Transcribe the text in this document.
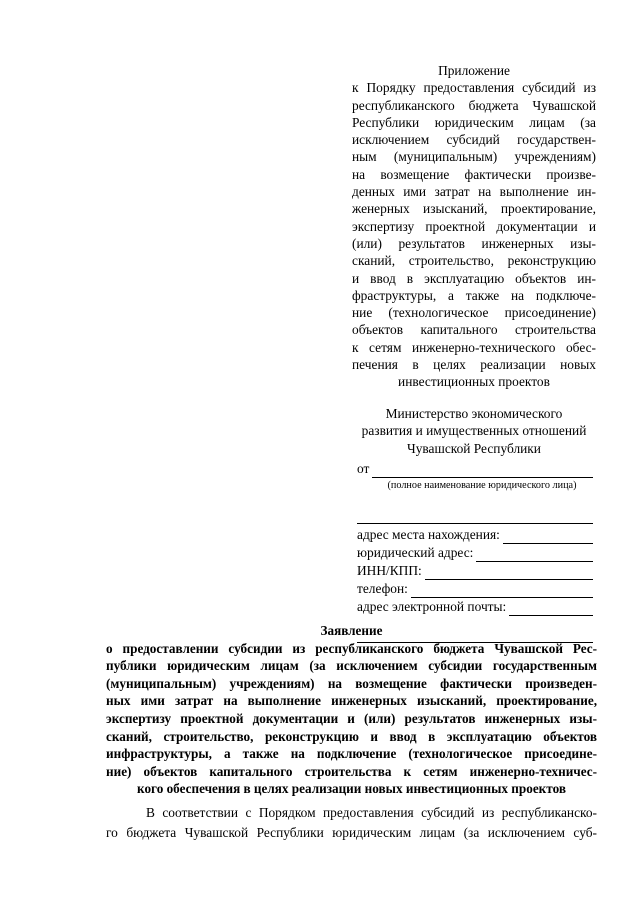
Приложение
к Порядку предоставления субсидий из
республиканского бюджета Чувашской
Республики юридическим лицам (за
исключением субсидий государствен-
ным (муниципальным) учреждениям)
на возмещение фактически произве-
денных ими затрат на выполнение ин-
женерных изысканий, проектирование,
экспертизу проектной документации и
(или) результатов инженерных изы-
сканий, строительство, реконструкцию
и ввод в эксплуатацию объектов ин-
фраструктуры, а также на подключе-
ние (технологическое присоединение)
объектов капитального строительства
к сетям инженерно-технического обес-
печения в целях реализации новых
инвестиционных проектов
Министерство экономического
развития и имущественных отношений
Чувашской Республики
от
(полное наименование юридического лица)
адрес места нахождения:
юридический адрес:
ИНН/КПП:
телефон:
адрес электронной почты:
Заявление
о предоставлении субсидии из республиканского бюджета Чувашской Рес-
публики юридическим лицам (за исключением субсидии государственным
(муниципальным) учреждениям) на возмещение фактически произведен-
ных ими затрат на выполнение инженерных изысканий, проектирование,
экспертизу проектной документации и (или) результатов инженерных изы-
сканий, строительство, реконструкцию и ввод в эксплуатацию объектов
инфраструктуры, а также на подключение (технологическое присоедине-
ние) объектов капитального строительства к сетям инженерно-техничес-
кого обеспечения в целях реализации новых инвестиционных проектов
В соответствии с Порядком предоставления субсидий из республиканско-
го бюджета Чувашской Республики юридическим лицам (за исключением суб-
